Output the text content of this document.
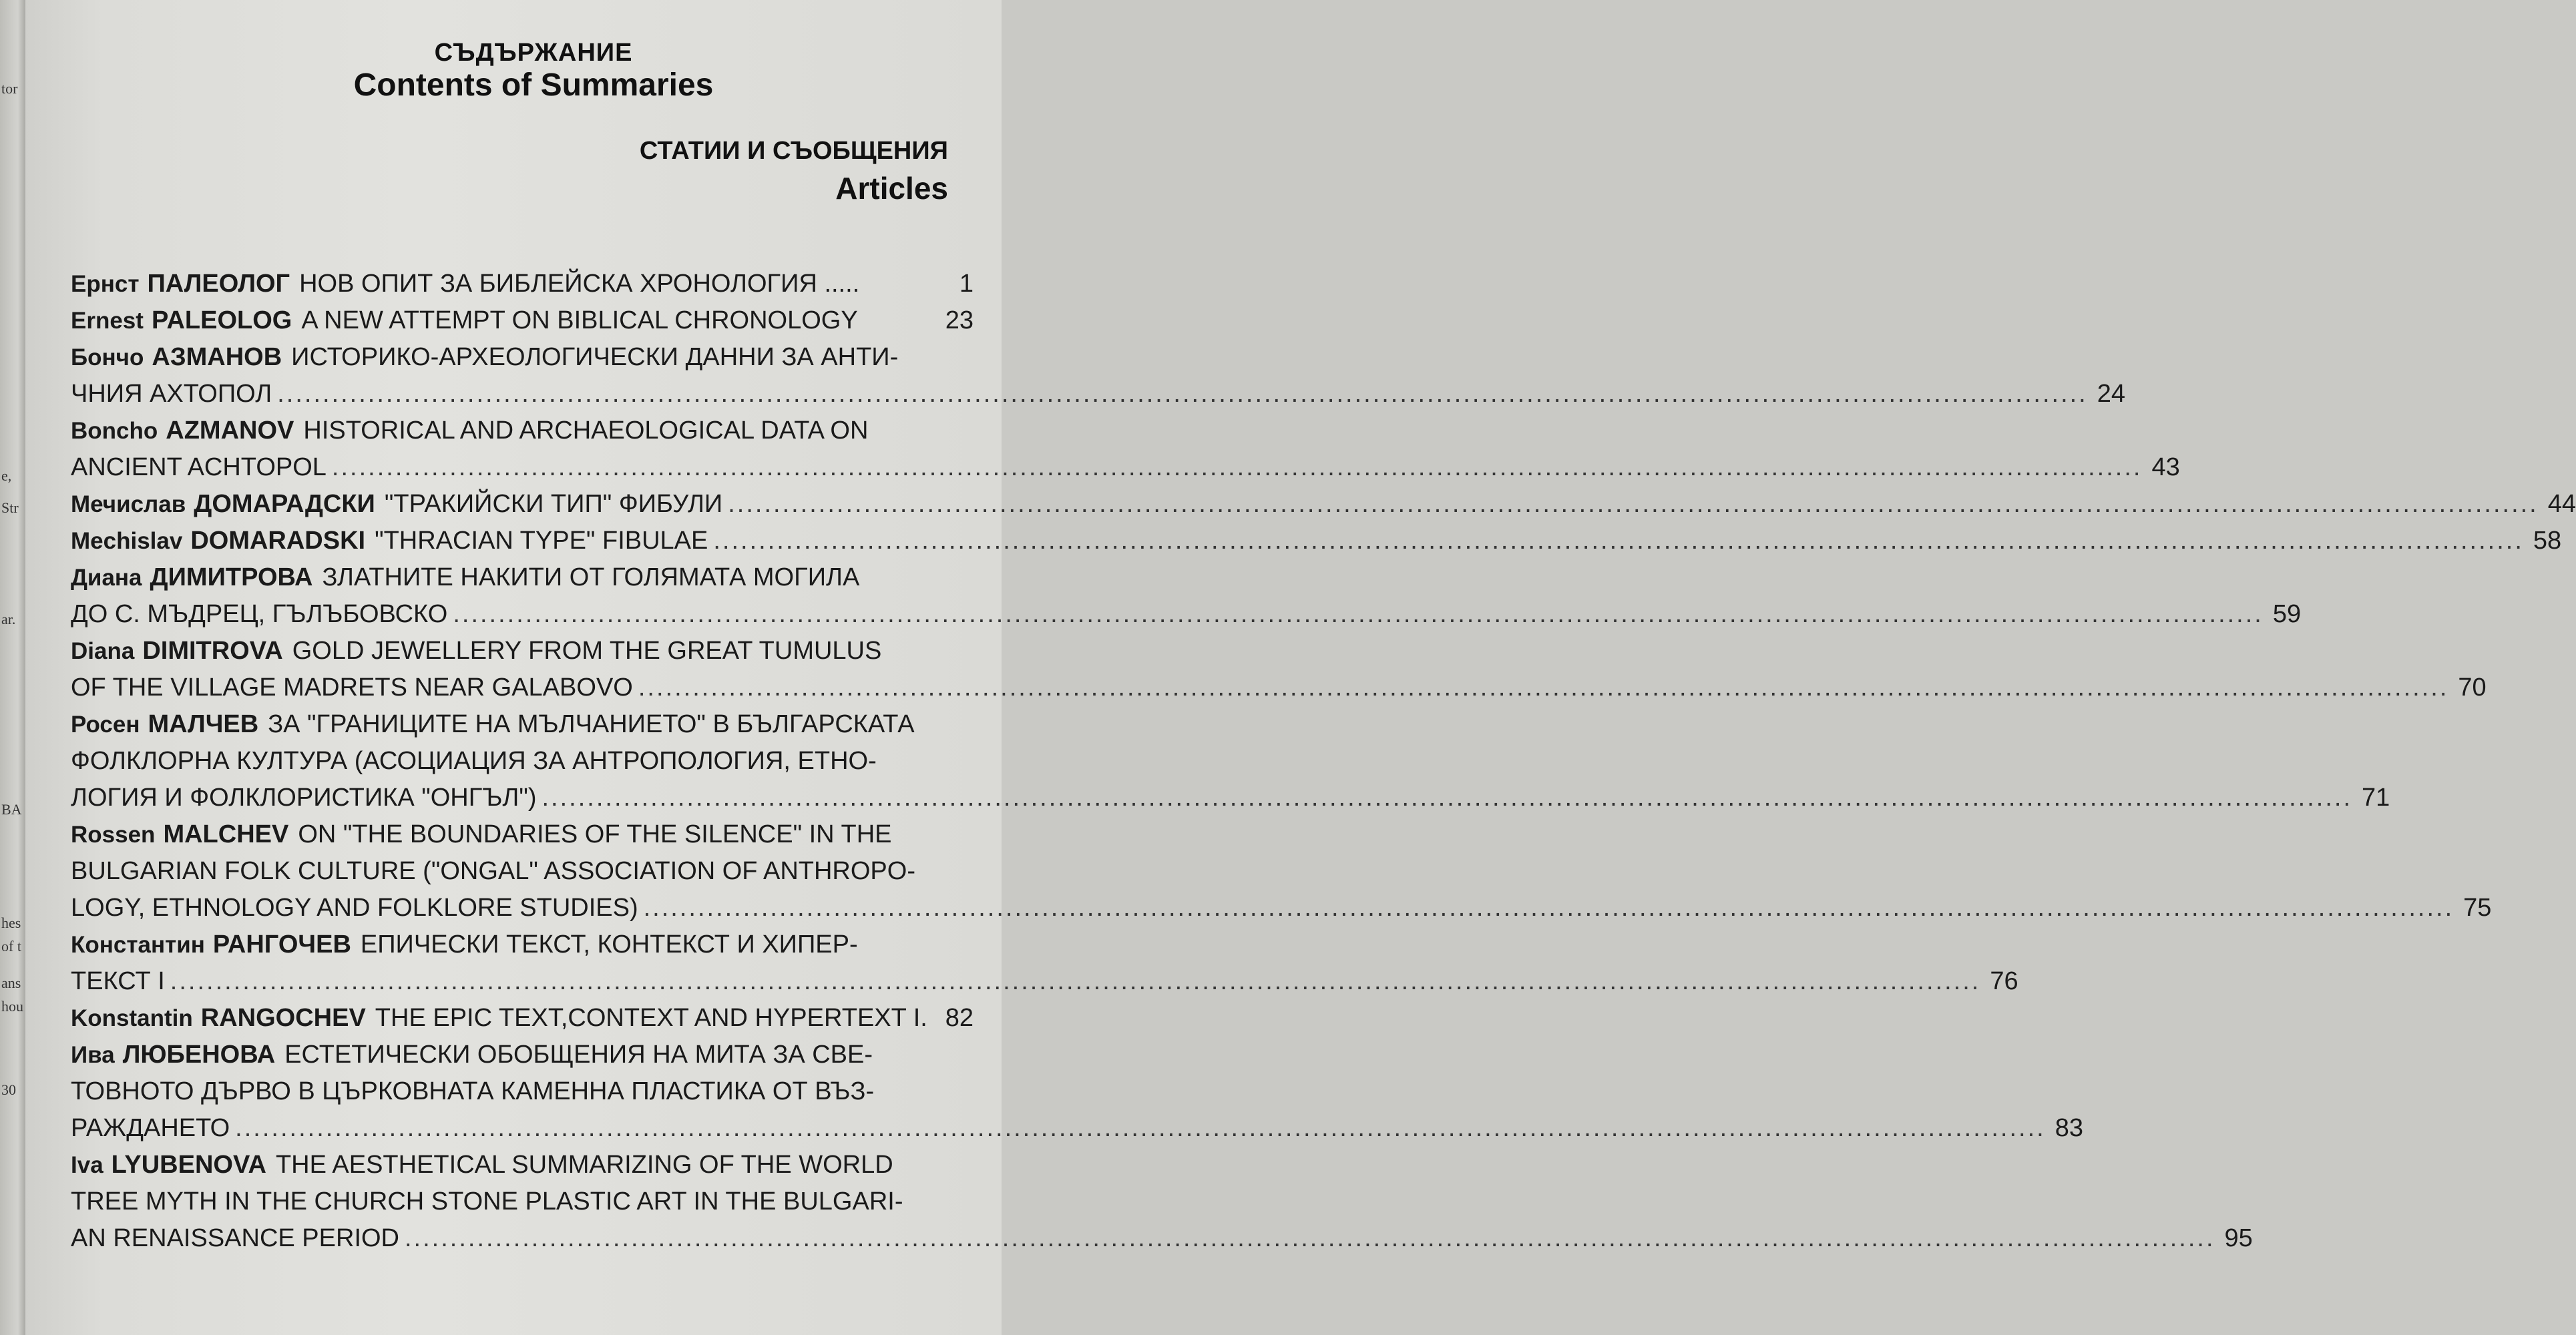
tor
e,
Str
ar.
BA
hes
of t
ans
hou
30
СЪДЪРЖАНИЕ
Contents of Summaries
СТАТИИ И СЪОБЩЕНИЯ
Articles
Ернст ПАЛЕОЛОГ НОВ ОПИТ ЗА БИБЛЕЙСКА ХРОНОЛОГИЯ .....	1
Ernest PALEOLOG A NEW ATTEMPT ON BIBLICAL CHRONOLOGY	23
Бончо АЗМАНОВ ИСТОРИКО-АРХЕОЛОГИЧЕСКИ ДАННИ ЗА АНТИ-
ЧНИЯ АХТОПОЛ .....	24
Boncho AZMANOV HISTORICAL AND ARCHAEOLOGICAL DATA ON
ANCIENT ACHTOPOL .....	43
Мечислав ДОМАРАДСКИ "ТРАКИЙСКИ ТИП" ФИБУЛИ .....	44
Mechislav DOMARADSKI "THRACIAN TYPE" FIBULAE .....	58
Диана ДИМИТРОВА ЗЛАТНИТЕ НАКИТИ ОТ ГОЛЯМАТА МОГИЛА
ДО С. МЪДРЕЦ, ГЪЛЪБОВСКО .....	59
Diana DIMITROVA GOLD JEWELLERY FROM THE GREAT TUMULUS
OF THE VILLAGE MADRETS NEAR GALABOVO .....	70
Росен МАЛЧЕВ ЗА "ГРАНИЦИТЕ НА МЪЛЧАНИЕТО" В БЪЛГАРСКАТА
ФОЛКЛОРНА КУЛТУРА (АСОЦИАЦИЯ ЗА АНТРОПОЛОГИЯ, ЕТНО-
ЛОГИЯ И ФОЛКЛОРИСТИКА "ОНГЪЛ") .....	71
Rossen MALCHEV ON "THE BOUNDARIES OF THE SILENCE" IN THE
BULGARIAN FOLK CULTURE ("ONGAL" ASSOCIATION OF ANTHROPO-
LOGY, ETHNOLOGY AND FOLKLORE STUDIES) .....	75
Константин РАНГОЧЕВ ЕПИЧЕСКИ ТЕКСТ, КОНТЕКСТ И ХИПЕР-
ТЕКСТ I .....	76
Konstantin RANGOCHEV THE EPIC TEXT,CONTEXT AND HYPERTEXT I. 82
Ива ЛЮБЕНОВА ЕСТЕТИЧЕСКИ ОБОБЩЕНИЯ НА МИТА ЗА СВЕ-
ТОВНОТО ДЪРВО В ЦЪРКОВНАТА КАМЕННА ПЛАСТИКА ОТ ВЪЗ-
РАЖДАНЕТО .....	83
Iva LYUBENOVA THE AESTHETICAL SUMMARIZING OF THE WORLD
TREE MYTH IN THE CHURCH STONE PLASTIC ART IN THE BULGARI-
AN RENAISSANCE PERIOD .....	95
